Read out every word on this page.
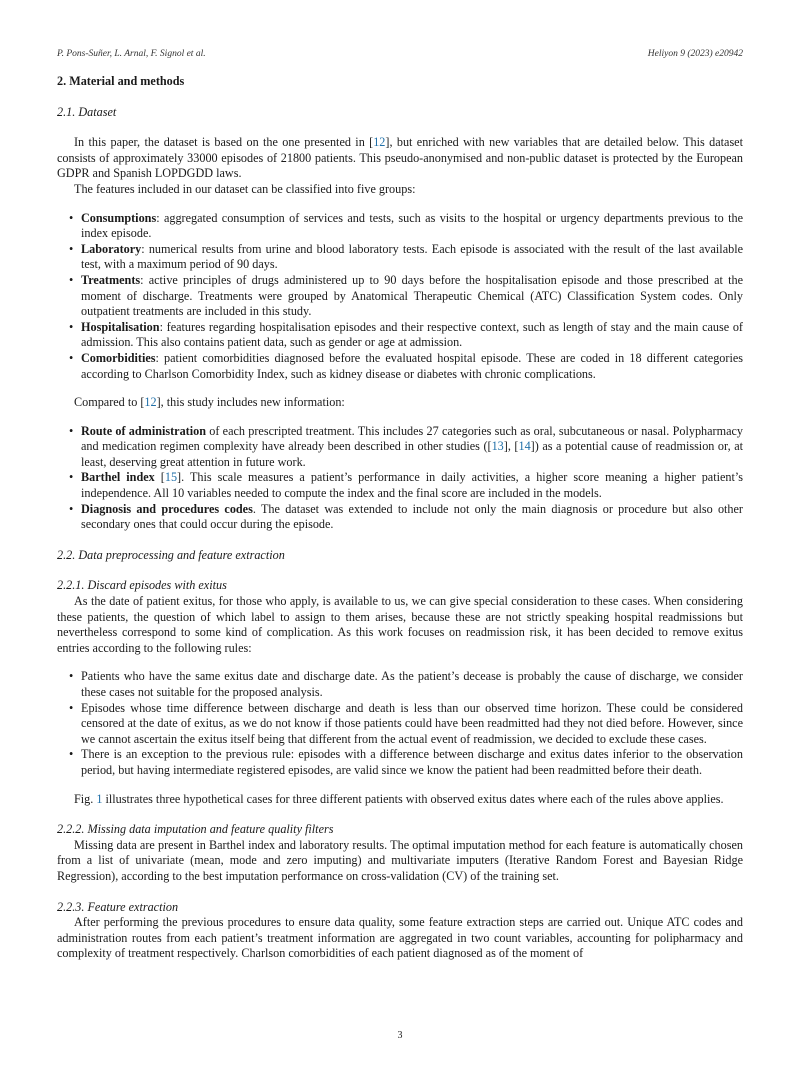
P. Pons-Suñer, L. Arnal, F. Signol et al.	Heliyon 9 (2023) e20942
2. Material and methods
2.1. Dataset

In this paper, the dataset is based on the one presented in [12], but enriched with new variables that are detailed below. This dataset consists of approximately 33000 episodes of 21800 patients. This pseudo-anonymised and non-public dataset is protected by the European GDPR and Spanish LOPDGDD laws.

The features included in our dataset can be classified into five groups:

• Consumptions: aggregated consumption of services and tests, such as visits to the hospital or urgency departments previous to the index episode.
• Laboratory: numerical results from urine and blood laboratory tests. Each episode is associated with the result of the last available test, with a maximum period of 90 days.
• Treatments: active principles of drugs administered up to 90 days before the hospitalisation episode and those prescribed at the moment of discharge. Treatments were grouped by Anatomical Therapeutic Chemical (ATC) Classification System codes. Only outpatient treatments are included in this study.
• Hospitalisation: features regarding hospitalisation episodes and their respective context, such as length of stay and the main cause of admission. This also contains patient data, such as gender or age at admission.
• Comorbidities: patient comorbidities diagnosed before the evaluated hospital episode. These are coded in 18 different categories according to Charlson Comorbidity Index, such as kidney disease or diabetes with chronic complications.

Compared to [12], this study includes new information:

• Route of administration of each prescripted treatment. This includes 27 categories such as oral, subcutaneous or nasal. Polypharmacy and medication regimen complexity have already been described in other studies ([13], [14]) as a potential cause of readmission or, at least, deserving great attention in future work.
• Barthel index [15]. This scale measures a patient’s performance in daily activities, a higher score meaning a higher patient’s independence. All 10 variables needed to compute the index and the final score are included in the models.
• Diagnosis and procedures codes. The dataset was extended to include not only the main diagnosis or procedure but also other secondary ones that could occur during the episode.
2.2. Data preprocessing and feature extraction
2.2.1. Discard episodes with exitus

As the date of patient exitus, for those who apply, is available to us, we can give special consideration to these cases. When considering these patients, the question of which label to assign to them arises, because these are not strictly speaking hospital readmissions but nevertheless correspond to some kind of complication. As this work focuses on readmission risk, it has been decided to remove exitus entries according to the following rules:

• Patients who have the same exitus date and discharge date. As the patient’s decease is probably the cause of discharge, we consider these cases not suitable for the proposed analysis.
• Episodes whose time difference between discharge and death is less than our observed time horizon. These could be considered censored at the date of exitus, as we do not know if those patients could have been readmitted had they not died before. However, since we cannot ascertain the exitus itself being that different from the actual event of readmission, we decided to exclude these cases.
• There is an exception to the previous rule: episodes with a difference between discharge and exitus dates inferior to the observation period, but having intermediate registered episodes, are valid since we know the patient had been readmitted before their death.

Fig. 1 illustrates three hypothetical cases for three different patients with observed exitus dates where each of the rules above applies.

2.2.2. Missing data imputation and feature quality filters

Missing data are present in Barthel index and laboratory results. The optimal imputation method for each feature is automatically chosen from a list of univariate (mean, mode and zero imputing) and multivariate imputers (Iterative Random Forest and Bayesian Ridge Regression), according to the best imputation performance on cross-validation (CV) of the training set.

2.2.3. Feature extraction

After performing the previous procedures to ensure data quality, some feature extraction steps are carried out. Unique ATC codes and administration routes from each patient’s treatment information are aggregated in two count variables, accounting for polipharmacy and complexity of treatment respectively. Charlson comorbidities of each patient diagnosed as of the moment of

3
